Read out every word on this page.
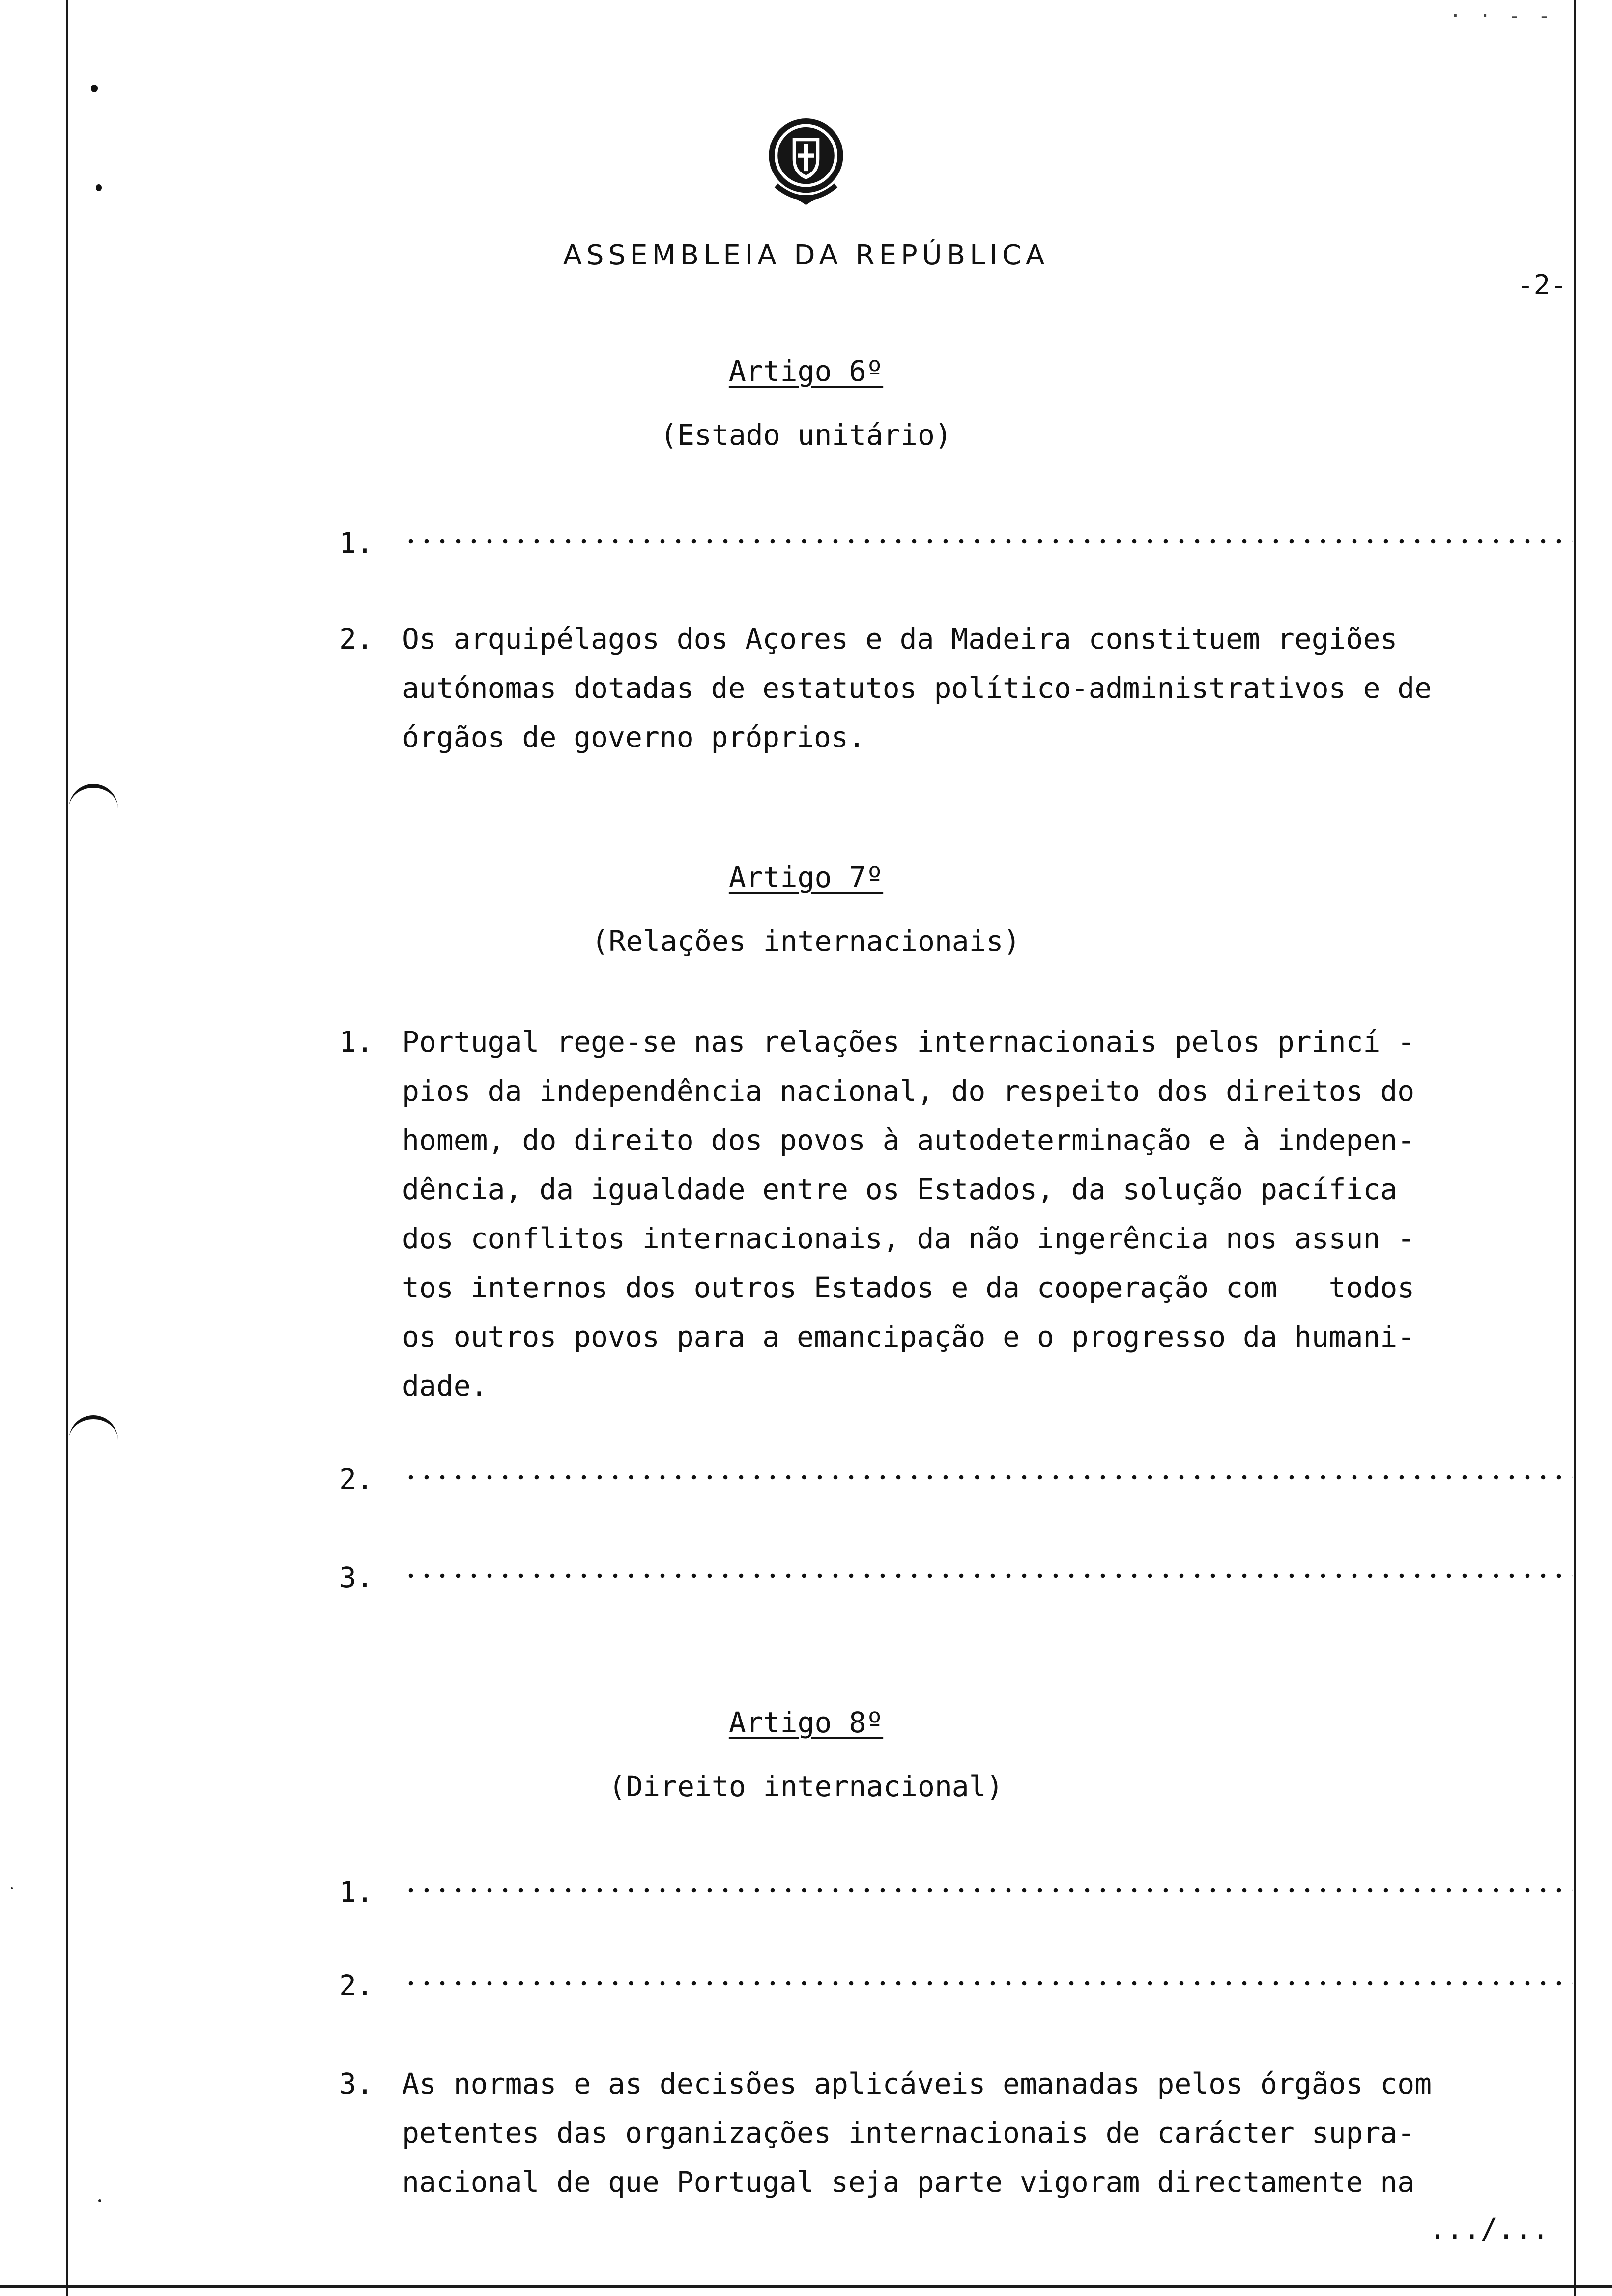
· · - -
ASSEMBLEIA DA REPÚBLICA
-2-
Artigo 6º
(Estado unitário)
1.
2. Os arquipélagos dos Açores e da Madeira constituem regiões
autónomas dotadas de estatutos político-administrativos e de
órgãos de governo próprios.
Artigo 7º
(Relações internacionais)
1. Portugal rege-se nas relações internacionais pelos princí -
pios da independência nacional, do respeito dos direitos do
homem, do direito dos povos à autodeterminação e à indepen-
dência, da igualdade entre os Estados, da solução pacífica
dos conflitos internacionais, da não ingerência nos assun -
tos internos dos outros Estados e da cooperação com   todos
os outros povos para a emancipação e o progresso da humani-
dade.
2.
3.
Artigo 8º
(Direito internacional)
1.
2.
3. As normas e as decisões aplicáveis emanadas pelos órgãos com
petentes das organizações internacionais de carácter supra-
nacional de que Portugal seja parte vigoram directamente na
.../...
